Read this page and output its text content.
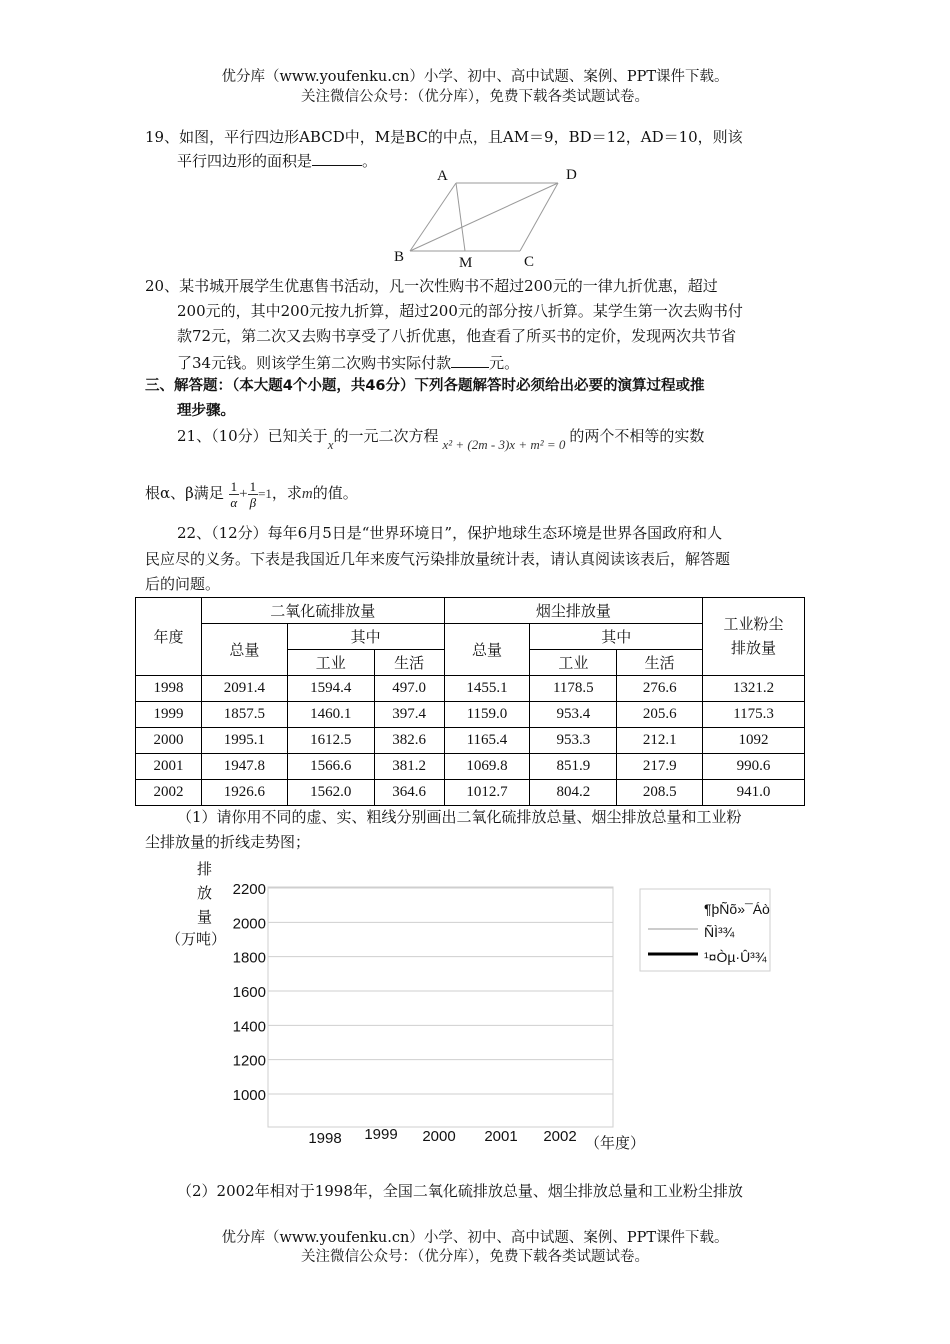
优分库（www.youfenku.cn）小学、初中、高中试题、案例、PPT课件下载。
关注微信公众号：（优分库），免费下载各类试题试卷。
19、如图，平行四边形ABCD中，M是BC的中点，且AM＝9，BD＝12，AD＝10，则该
平行四边形的面积是	。
A	D
B	M	C
20、某书城开展学生优惠售书活动，凡一次性购书不超过200元的一律九折优惠，超过
200元的，其中200元按九折算，超过200元的部分按八折算。某学生第一次去购书付
款72元，第二次又去购书享受了八折优惠，他查看了所买书的定价，发现两次共节省
了34元钱。则该学生第二次购书实际付款	元。
三、解答题：（本大题4个小题，共46分）下列各题解答时必须给出必要的演算过程或推
理步骤。
21、（10分）已知关于x的一元二次方程 x² + (2m - 3)x + m² = 0 的两个不相等的实数
根α、β满足 $\frac{1}{\alpha} + \frac{1}{\beta} =1$，求m的值。
22、（12分）每年6月5日是“世界环境日”，保护地球生态环境是世界各国政府和人
民应尽的义务。下表是我国近几年来废气污染排放量统计表，请认真阅读该表后，解答题
后的问题。
年度	二氧化硫排放量			烟尘排放量			工业粉尘
排放量

	总量	其中		总量	其中		
		工业	生活		工业	生活	
1998	2091.4	1594.4	497.0	1455.1	1178.5	276.6	1321.2
1999	1857.5	1460.1	397.4	1159.0	953.4	205.6	1175.3
2000	1995.1	1612.5	382.6	1165.4	953.3	212.1	1092
2001	1947.8	1566.6	381.2	1069.8	851.9	217.9	990.6
2002	1926.6	1562.0	364.6	1012.7	804.2	208.5	941.0
（1）请你用不同的虚、实、粗线分别画出二氧化硫排放总量、烟尘排放总量和工业粉
尘排放量的折线走势图；
排
放
量
（万吨）
2200
2000
1800
1600
1400
1200
1000
1998 1999 2000 2001 2002
¶þÑõ»¯Áò
ÑÌ³¾
¹¤Òµ·Û³¾
（年度）
（2）2002年相对于1998年，全国二氧化硫排放总量、烟尘排放总量和工业粉尘排放
优分库（www.youfenku.cn）小学、初中、高中试题、案例、PPT课件下载。
关注微信公众号：（优分库），免费下载各类试题试卷。
